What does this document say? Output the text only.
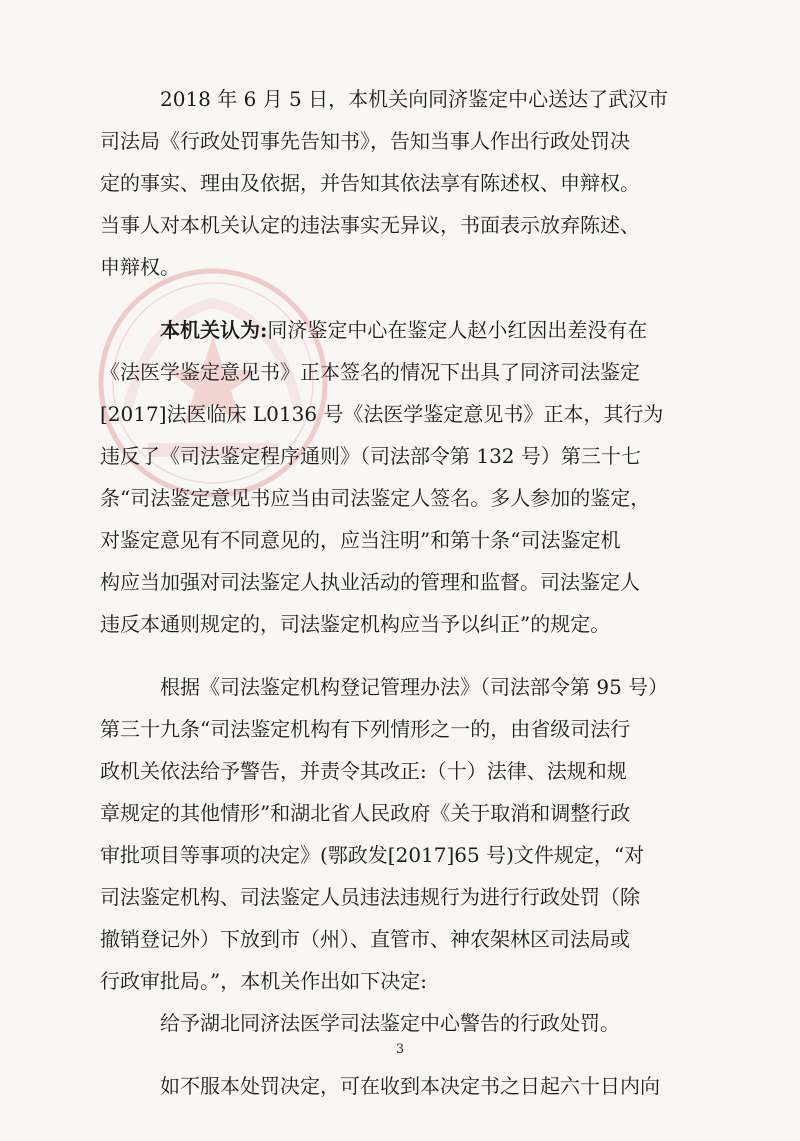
2018 年 6 月 5 日，本机关向同济鉴定中心送达了武汉市
司法局《行政处罚事先告知书》，告知当事人作出行政处罚决
定的事实、理由及依据，并告知其依法享有陈述权、申辩权。
当事人对本机关认定的违法事实无异议，书面表示放弃陈述、
申辩权。
本机关认为:同济鉴定中心在鉴定人赵小红因出差没有在
《法医学鉴定意见书》正本签名的情况下出具了同济司法鉴定
[2017]法医临床 L0136 号《法医学鉴定意见书》正本，其行为
违反了《司法鉴定程序通则》（司法部令第 132 号）第三十七
条“司法鉴定意见书应当由司法鉴定人签名。多人参加的鉴定，
对鉴定意见有不同意见的，应当注明”和第十条“司法鉴定机
构应当加强对司法鉴定人执业活动的管理和监督。司法鉴定人
违反本通则规定的，司法鉴定机构应当予以纠正”的规定。
根据《司法鉴定机构登记管理办法》（司法部令第 95 号）
第三十九条“司法鉴定机构有下列情形之一的，由省级司法行
政机关依法给予警告，并责令其改正:（十）法律、法规和规
章规定的其他情形”和湖北省人民政府《关于取消和调整行政
审批项目等事项的决定》(鄂政发[2017]65 号)文件规定，“对
司法鉴定机构、司法鉴定人员违法违规行为进行行政处罚（除
撤销登记外）下放到市（州）、直管市、神农架林区司法局或
行政审批局。”，本机关作出如下决定:
给予湖北同济法医学司法鉴定中心警告的行政处罚。
如不服本处罚决定，可在收到本决定书之日起六十日内向
3
